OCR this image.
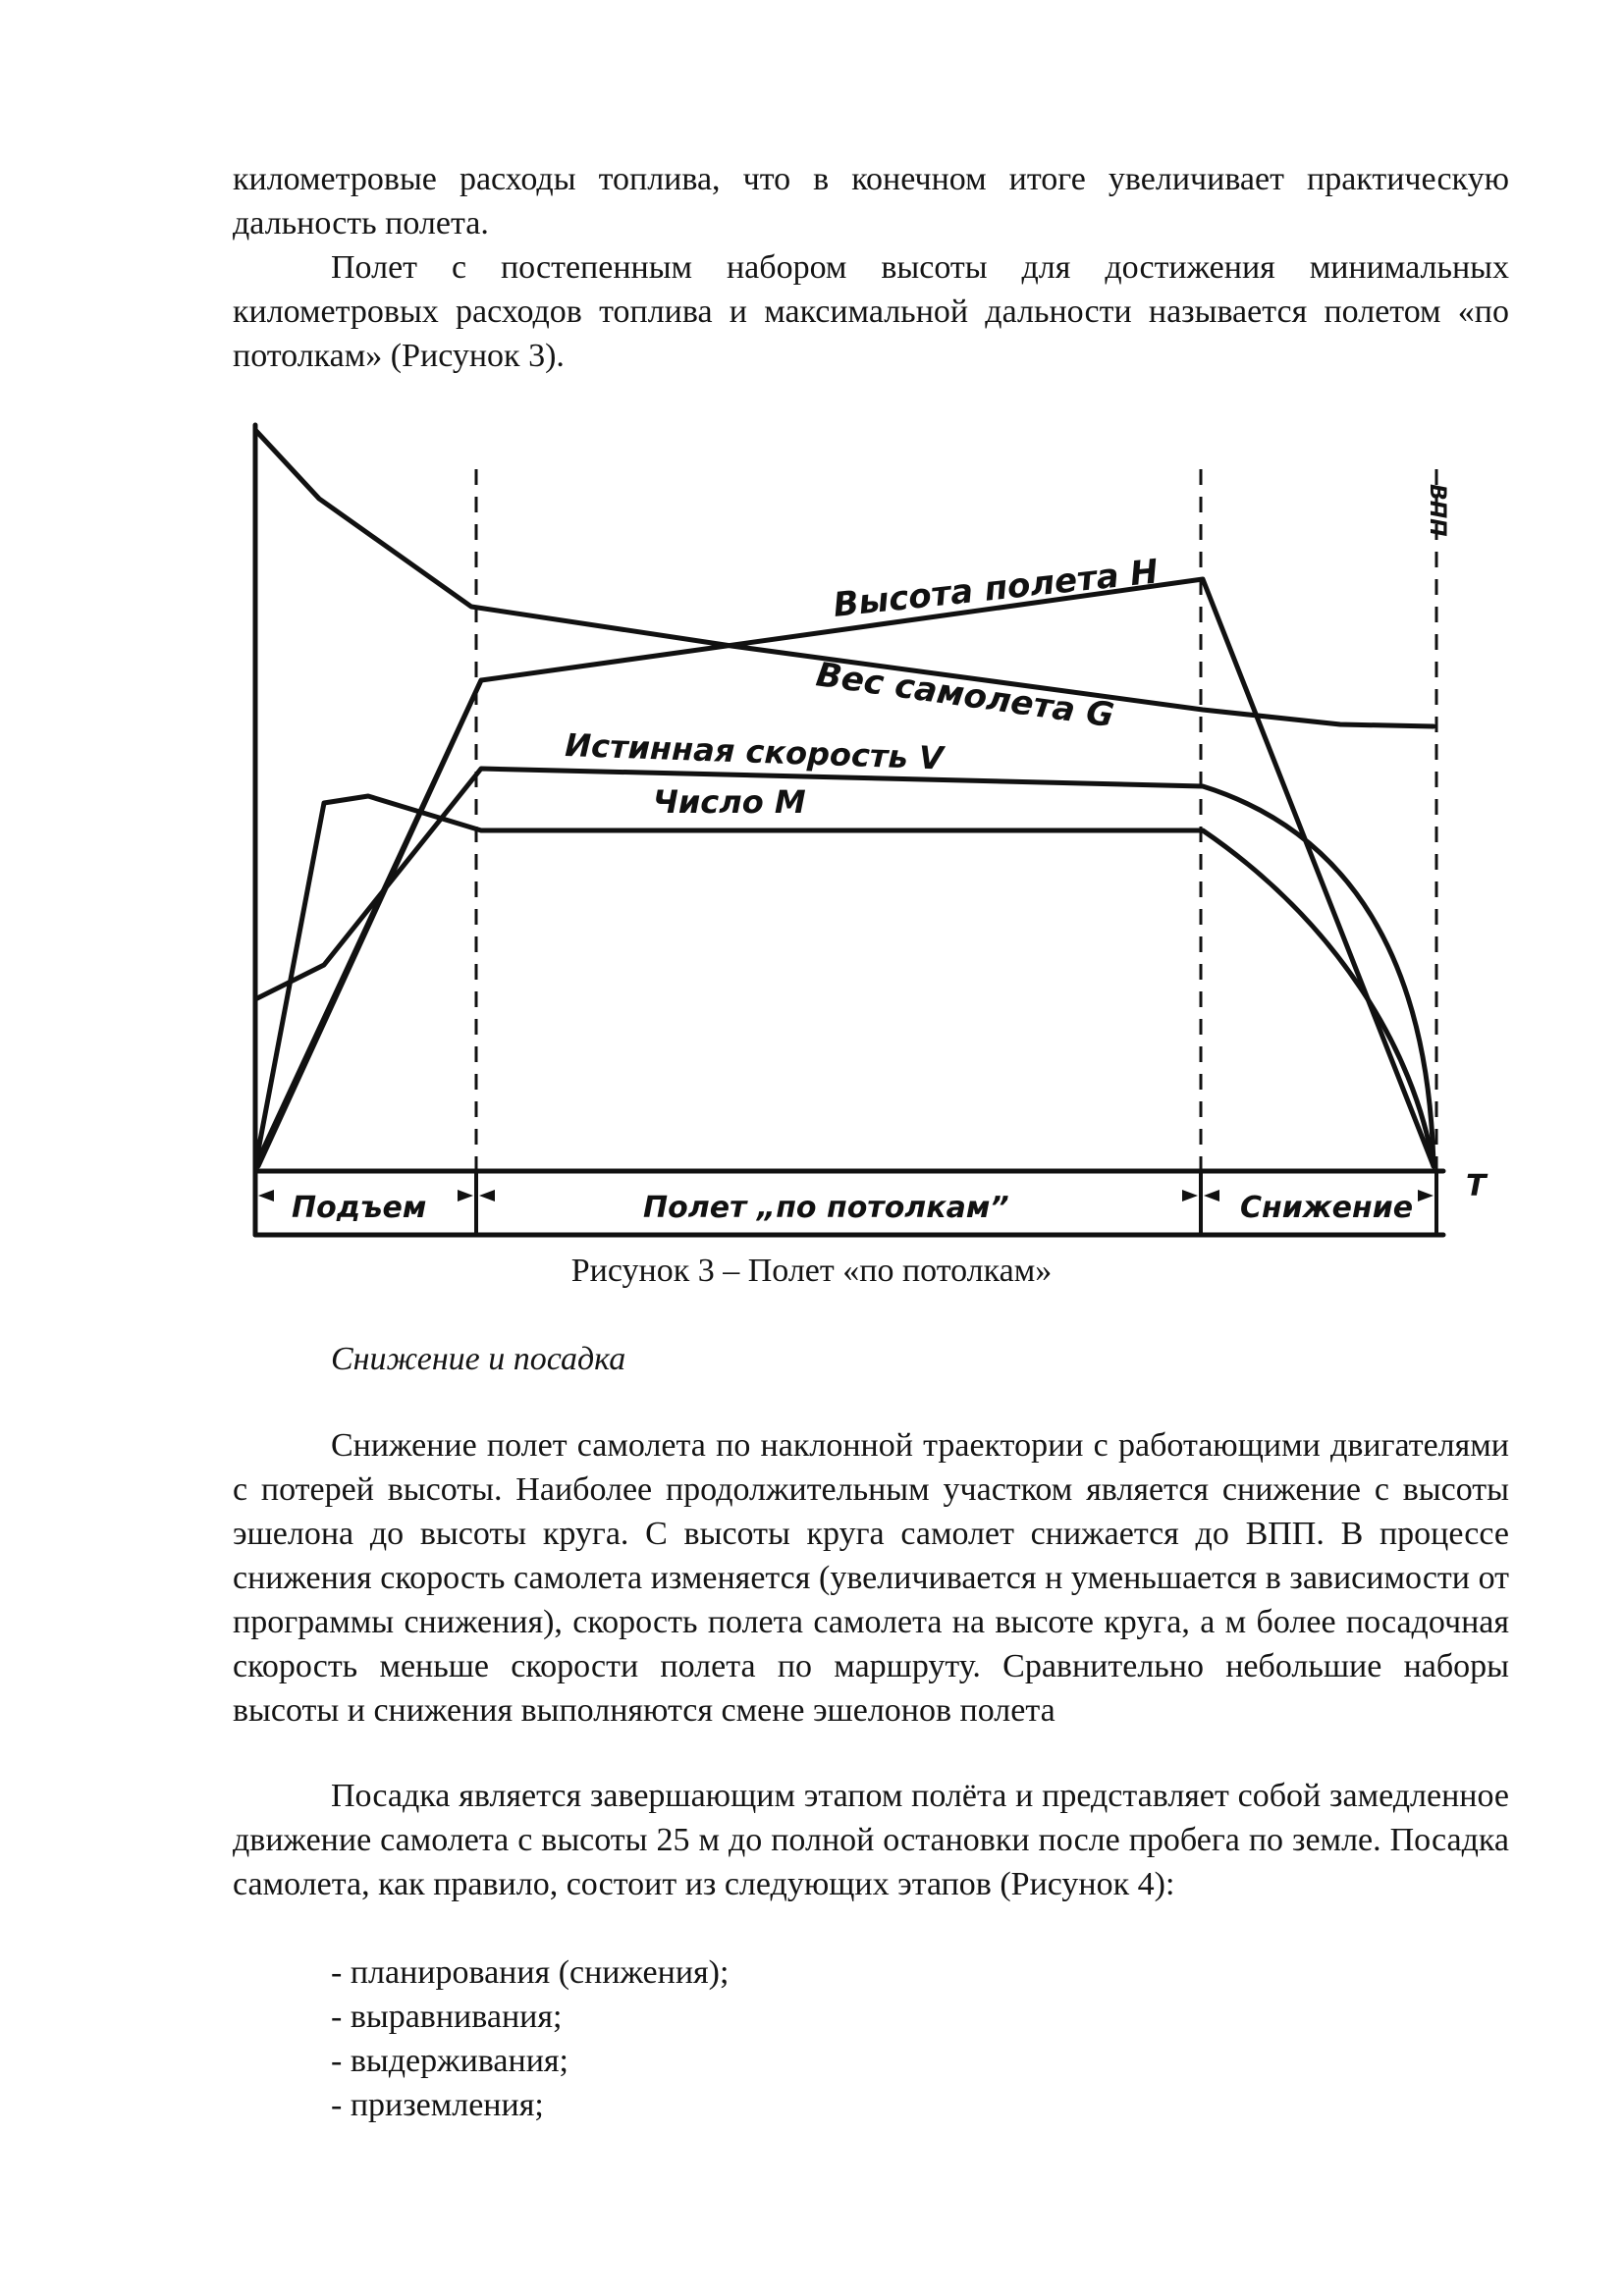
километровые расходы топлива, что в конечном итоге увеличивает практическую дальность полета.

Полет с постепенным набором высоты для достижения минимальных километровых расходов топлива и максимальной дальности называется полетом «по потолкам» (Рисунок 3).

Высота полета H
Вес самолета G
Истинная скорость V
Число M
ВПП
Подъем	Полет „по потолкам”	Снижение
T

Рисунок 3 – Полет «по потолкам»

Снижение и посадка

Снижение полет самолета по наклонной траектории с работающими двигателями с потерей высоты. Наиболее продолжительным участком является снижение с высоты эшелона до высоты круга. С высоты круга самолет снижается до ВПП. В процессе снижения скорость самолета изменяется (увеличивается н уменьшается в зависимости от программы снижения), скорость полета самолета на высоте круга, а м более посадочная скорость меньше скорости полета по маршруту. Сравнительно небольшие наборы высоты и снижения выполняются смене эшелонов полета

Посадка является завершающим этапом полёта и представляет собой замедленное движение самолета с высоты 25 м до полной остановки после пробега по земле. Посадка самолета, как правило, состоит из следующих этапов (Рисунок 4):

- планирования (снижения);
- выравнивания;
- выдерживания;
- приземления;
